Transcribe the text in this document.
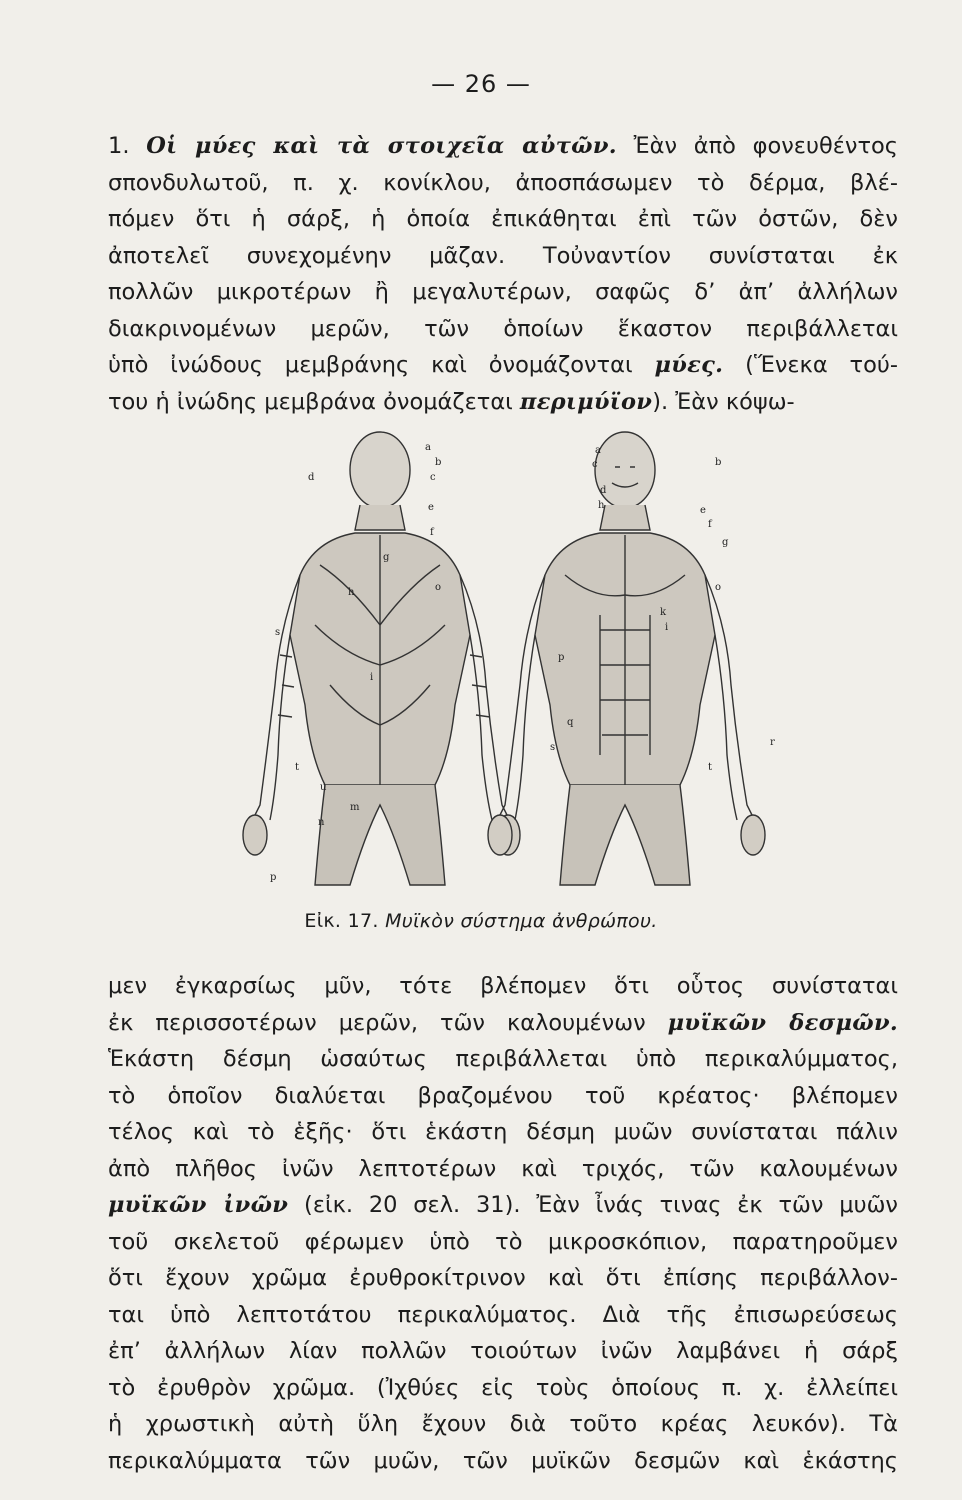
— 26 —
1. Οἱ μύες καὶ τὰ στοιχεῖα αὐτῶν. Ἐὰν ἀπὸ φονευθέντος
σπονδυλωτοῦ, π. χ. κονίκλου, ἀποσπάσωμεν τὸ δέρμα, βλέ-
πόμεν ὅτι ἡ σάρξ, ἡ ὁποία ἐπικάθηται ἐπὶ τῶν ὀστῶν, δὲν
ἀποτελεῖ συνεχομένην μᾶζαν. Τοὐναντίον συνίσταται ἐκ
πολλῶν μικροτέρων ἢ μεγαλυτέρων, σαφῶς δ’ ἀπ’ ἀλλήλων
διακρινομένων μερῶν, τῶν ὁποίων ἕκαστον περιβάλλεται
ὑπὸ ἰνώδους μεμβράνης καὶ ὀνομάζονται μύες. (Ἕνεκα τού-
του ἡ ἰνώδης μεμβράνα ὀνομάζεται περιμύϊον). Ἐὰν κόψω-
d
a
b
c
e
f
g
h
i
o
s
t
u
m
n
p
a
b
c
d
e
f
h
k
i
o
p
q
r
t
s
g
Εἰκ. 17. Μυϊκὸν σύστημα ἀνθρώπου.
μεν ἐγκαρσίως μῦν, τότε βλέπομεν ὅτι οὗτος συνίσταται
ἐκ περισσοτέρων μερῶν, τῶν καλουμένων μυϊκῶν δεσμῶν.
Ἑκάστη δέσμη ὡσαύτως περιβάλλεται ὑπὸ περικαλύμματος,
τὸ ὁποῖον διαλύεται βραζομένου τοῦ κρέατος· βλέπομεν
τέλος καὶ τὸ ἑξῆς· ὅτι ἑκάστη δέσμη μυῶν συνίσταται πάλιν
ἀπὸ πλῆθος ἰνῶν λεπτοτέρων καὶ τριχός, τῶν καλουμένων
μυϊκῶν ἰνῶν (εἰκ. 20 σελ. 31). Ἐὰν ἶνάς τινας ἐκ τῶν μυῶν
τοῦ σκελετοῦ φέρωμεν ὑπὸ τὸ μικροσκόπιον, παρατηροῦμεν
ὅτι ἔχουν χρῶμα ἐρυθροκίτρινον καὶ ὅτι ἐπίσης περιβάλλον-
ται ὑπὸ λεπτοτάτου περικαλύματος. Διὰ τῆς ἐπισωρεύσεως
ἐπ’ ἀλλήλων λίαν πολλῶν τοιούτων ἰνῶν λαμβάνει ἡ σάρξ
τὸ ἐρυθρὸν χρῶμα. (Ἰχθύες εἰς τοὺς ὁποίους π. χ. ἐλλείπει
ἡ χρωστικὴ αὐτὴ ὕλη ἔχουν διὰ τοῦτο κρέας λευκόν). Τὰ
περικαλύμματα τῶν μυῶν, τῶν μυϊκῶν δεσμῶν καὶ ἑκάστης
